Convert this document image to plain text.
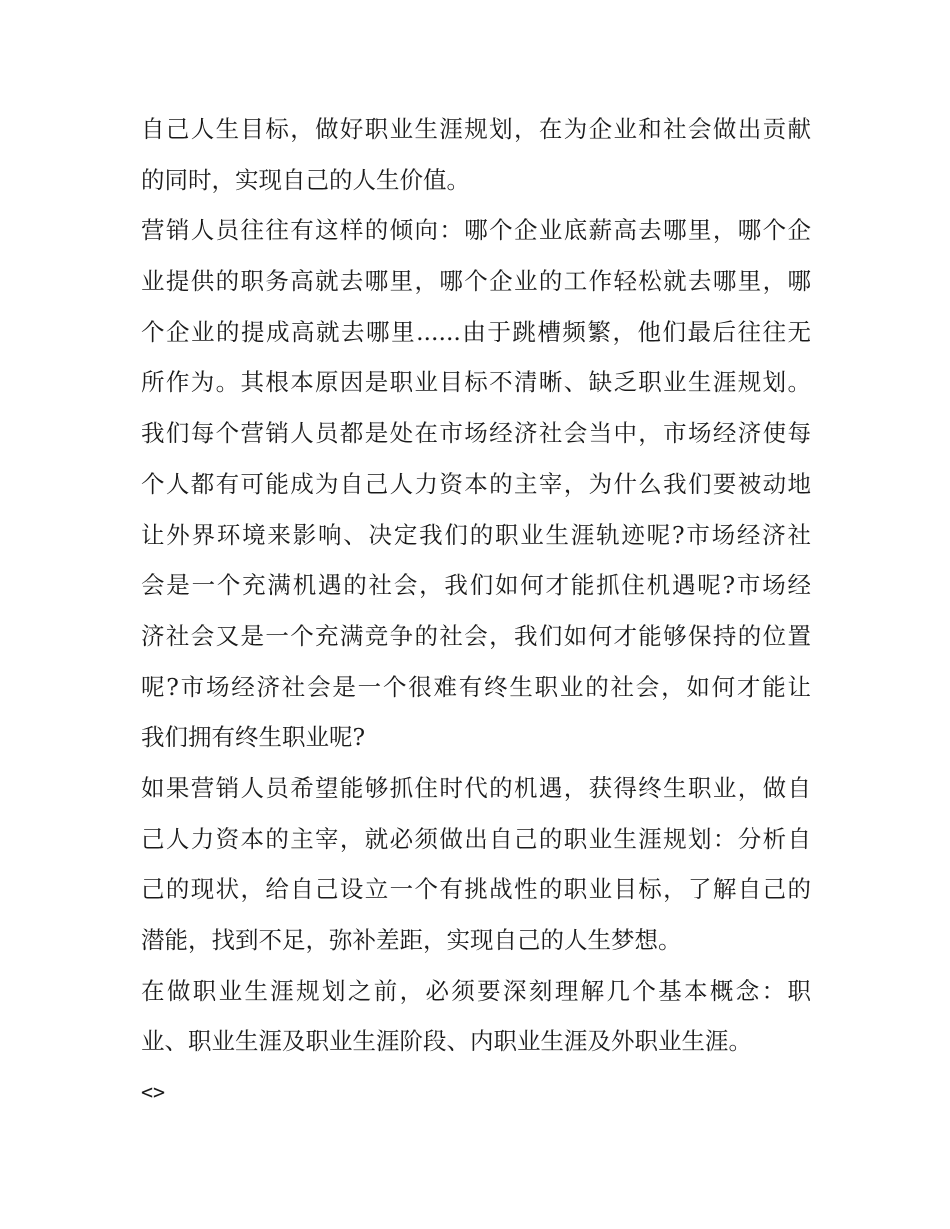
自己人生目标，做好职业生涯规划，在为企业和社会做出贡献
的同时，实现自己的人生价值。
营销人员往往有这样的倾向：哪个企业底薪高去哪里，哪个企
业提供的职务高就去哪里，哪个企业的工作轻松就去哪里，哪
个企业的提成高就去哪里......由于跳槽频繁，他们最后往往无
所作为。其根本原因是职业目标不清晰、缺乏职业生涯规划。
我们每个营销人员都是处在市场经济社会当中，市场经济使每
个人都有可能成为自己人力资本的主宰，为什么我们要被动地
让外界环境来影响、决定我们的职业生涯轨迹呢?市场经济社
会是一个充满机遇的社会，我们如何才能抓住机遇呢?市场经
济社会又是一个充满竞争的社会，我们如何才能够保持的位置
呢?市场经济社会是一个很难有终生职业的社会，如何才能让
我们拥有终生职业呢?
如果营销人员希望能够抓住时代的机遇，获得终生职业，做自
己人力资本的主宰，就必须做出自己的职业生涯规划：分析自
己的现状，给自己设立一个有挑战性的职业目标，了解自己的
潜能，找到不足，弥补差距，实现自己的人生梦想。
在做职业生涯规划之前，必须要深刻理解几个基本概念：职
业、职业生涯及职业生涯阶段、内职业生涯及外职业生涯。
<>
